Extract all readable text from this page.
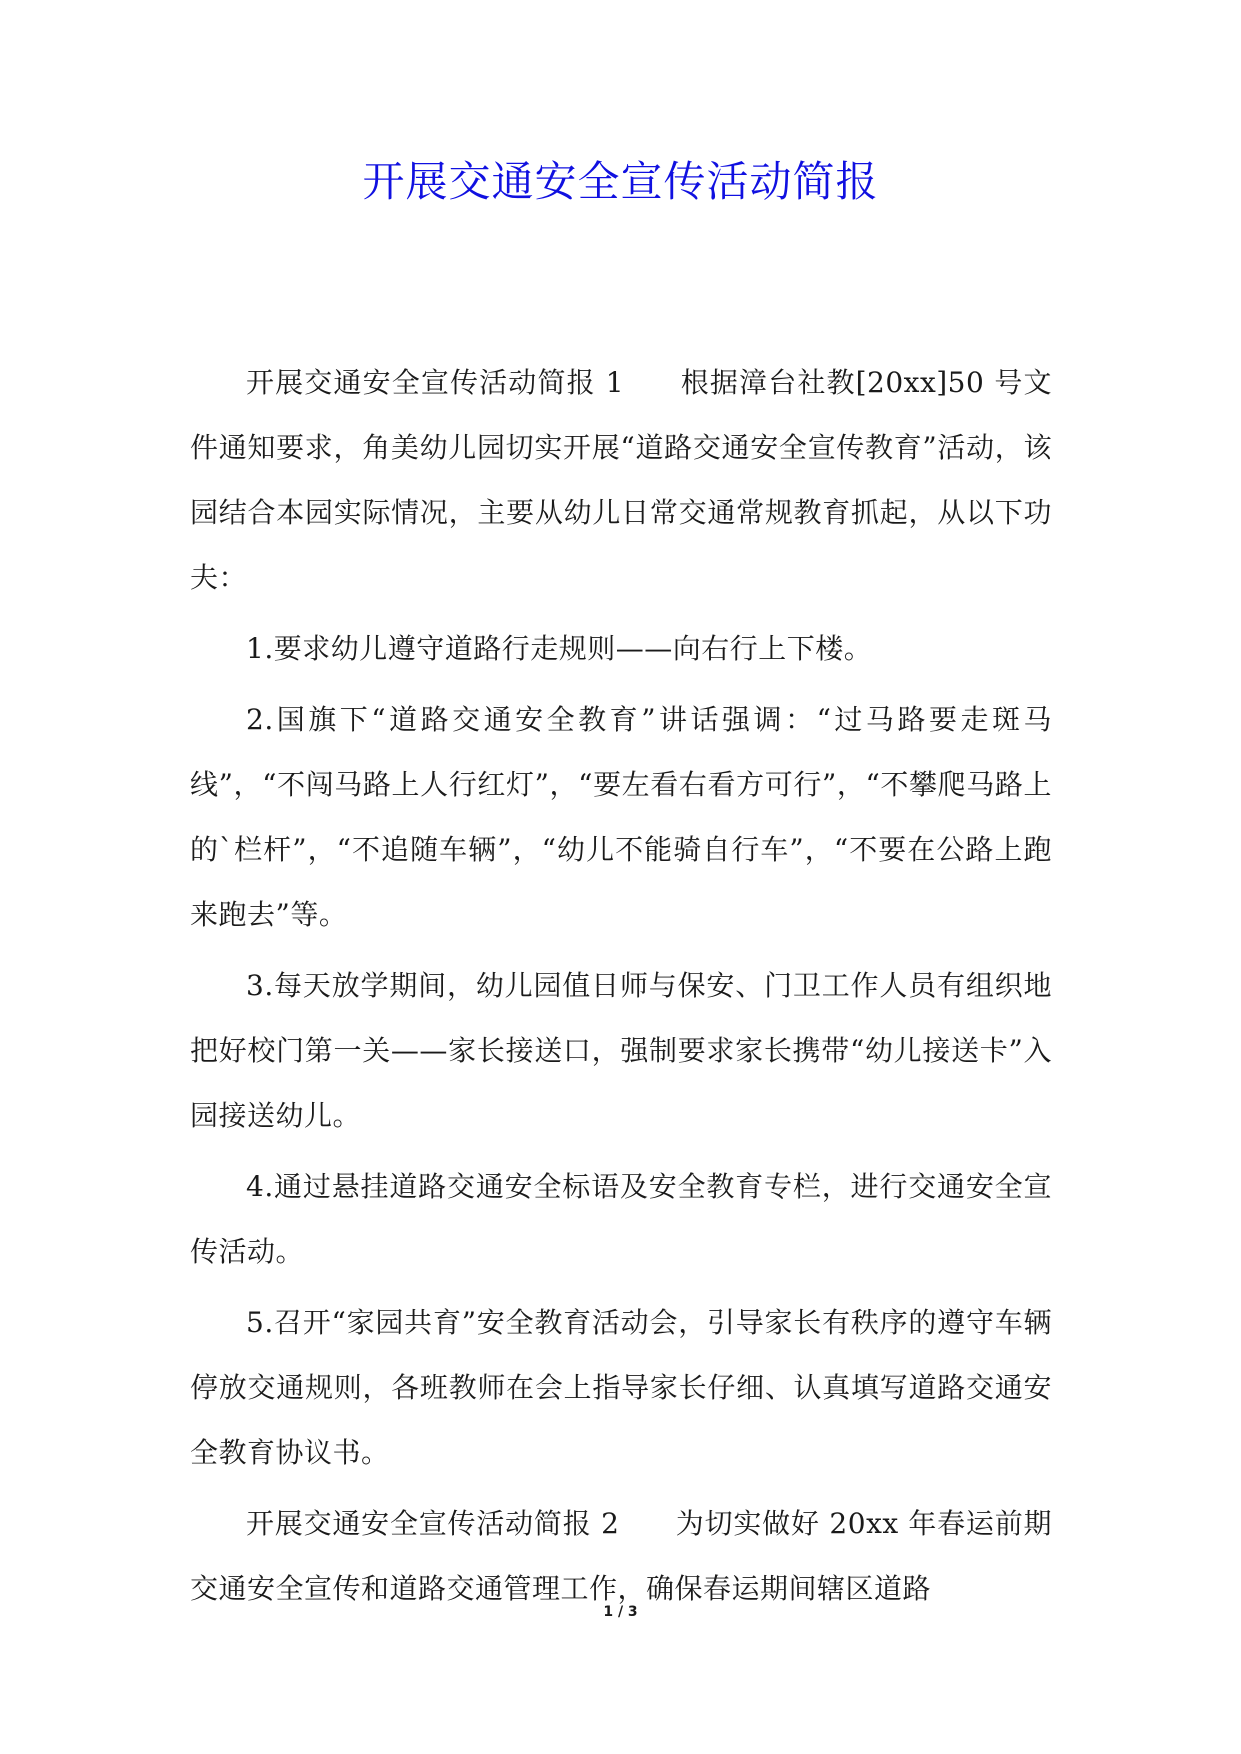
开展交通安全宣传活动简报

开展交通安全宣传活动简报 1 根据漳台社教[20xx]50 号文件通知要求，角美幼儿园切实开展“道路交通安全宣传教育”活动，该园结合本园实际情况，主要从幼儿日常交通常规教育抓起，从以下功夫：

1.要求幼儿遵守道路行走规则——向右行上下楼。

2.国旗下“道路交通安全教育”讲话强调：“过马路要走斑马线”，“不闯马路上人行红灯”，“要左看右看方可行”，“不攀爬马路上的`栏杆”，“不追随车辆”，“幼儿不能骑自行车”，“不要在公路上跑来跑去”等。

3.每天放学期间，幼儿园值日师与保安、门卫工作人员有组织地把好校门第一关——家长接送口，强制要求家长携带“幼儿接送卡”入园接送幼儿。

4.通过悬挂道路交通安全标语及安全教育专栏，进行交通安全宣传活动。

5.召开“家园共育”安全教育活动会，引导家长有秩序的遵守车辆停放交通规则，各班教师在会上指导家长仔细、认真填写道路交通安全教育协议书。

开展交通安全宣传活动简报 2 为切实做好 20xx 年春运前期交通安全宣传和道路交通管理工作，确保春运期间辖区道路

1 / 3
